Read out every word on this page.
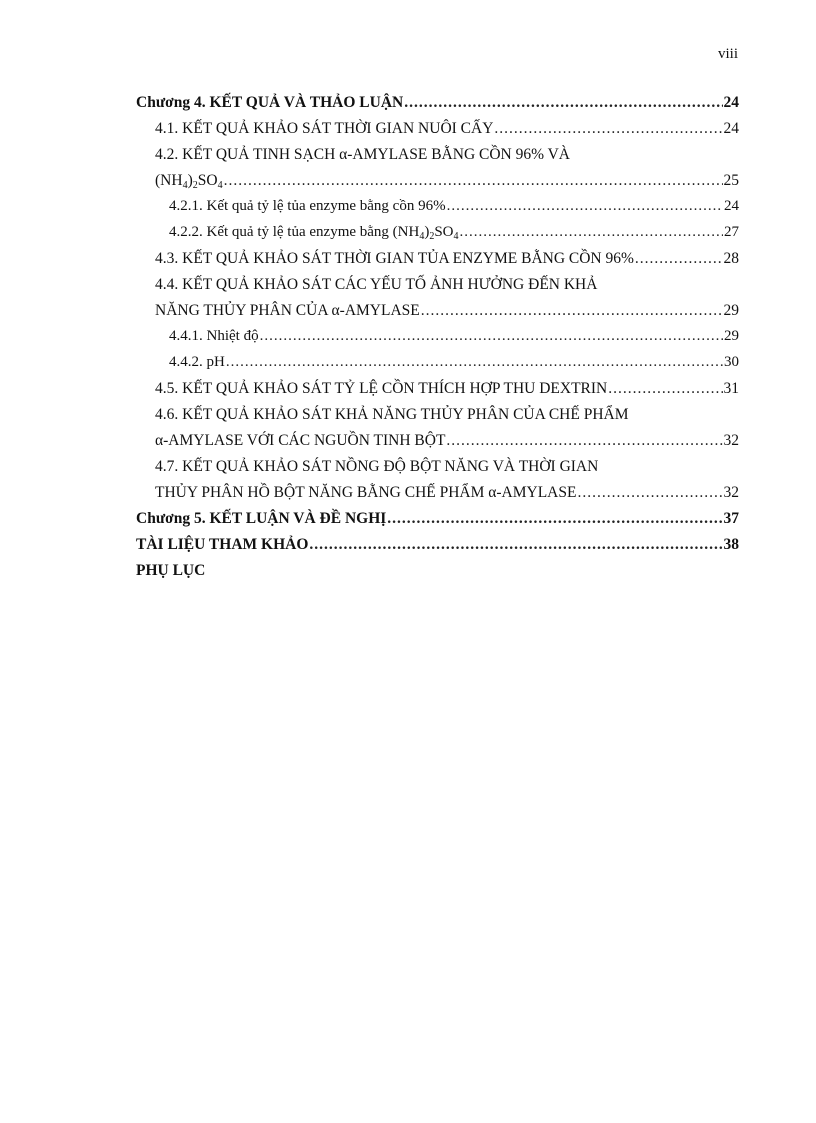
viii
Chương 4. KẾT QUẢ VÀ THẢO LUẬN .....	24
4.1. KẾT QUẢ KHẢO SÁT THỜI GIAN NUÔI CẤY .....	24
4.2. KẾT QUẢ TINH SẠCH α-AMYLASE BẰNG CỒN 96% VÀ
$(NH_4)_2SO_4$ .....	25
4.2.1. Kết quả tỷ lệ tủa enzyme bằng cồn 96% .....	24
4.2.2. Kết quả tỷ lệ tủa enzyme bằng $(NH_4)_2SO_4$ .....	27
4.3. KẾT QUẢ KHẢO SÁT THỜI GIAN TỦA ENZYME BẰNG CỒN 96% .....	28
4.4. KẾT QUẢ KHẢO SÁT CÁC YẾU TỐ ẢNH HƯỞNG ĐẾN KHẢ
NĂNG THỦY PHÂN CỦA α-AMYLASE .....	29
4.4.1. Nhiệt độ .....	29
4.4.2. pH .....	30
4.5. KẾT QUẢ KHẢO SÁT TỶ LỆ CỒN THÍCH HỢP THU DEXTRIN .....	31
4.6. KẾT QUẢ KHẢO SÁT KHẢ NĂNG THỦY PHÂN CỦA CHẾ PHẨM
α-AMYLASE VỚI CÁC NGUỒN TINH BỘT .....	32
4.7. KẾT QUẢ KHẢO SÁT NỒNG ĐỘ BỘT NĂNG VÀ THỜI GIAN
THỦY PHÂN HỒ BỘT NĂNG BẰNG CHẾ PHẨM α-AMYLASE .....	32
Chương 5. KẾT LUẬN VÀ ĐỀ NGHỊ .....	37
TÀI LIỆU THAM KHẢO .....	38
PHỤ LỤC
